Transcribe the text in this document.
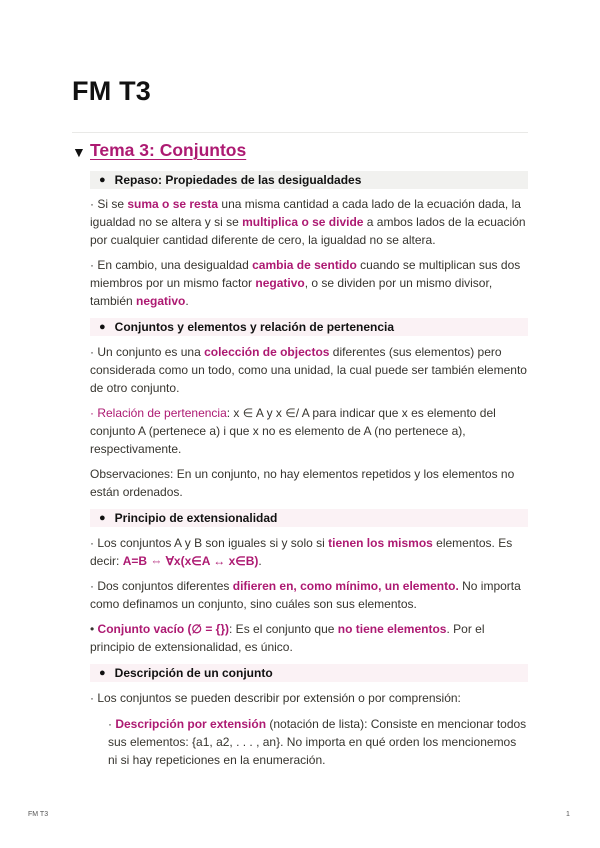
FM T3
▼ Tema 3: Conjuntos
● Repaso: Propiedades de las desigualdades

· Si se suma o se resta una misma cantidad a cada lado de la ecuación dada, la igualdad no se altera y si se multiplica o se divide a ambos lados de la ecuación por cualquier cantidad diferente de cero, la igualdad no se altera.

· En cambio, una desigualdad cambia de sentido cuando se multiplican sus dos miembros por un mismo factor negativo, o se dividen por un mismo divisor, también negativo.

● Conjuntos y elementos y relación de pertenencia

· Un conjunto es una colección de objectos diferentes (sus elementos) pero considerada como un todo, como una unidad, la cual puede ser también elemento de otro conjunto.

· Relación de pertenencia: x ∈ A y x ∈/ A para indicar que x es elemento del conjunto A (pertenece a) i que x no es elemento de A (no pertenece a), respectivamente.

Observaciones: En un conjunto, no hay elementos repetidos y los elementos no están ordenados.

● Principio de extensionalidad

· Los conjuntos A y B son iguales si y solo si tienen los mismos elementos. Es decir: A=B ⇔ ∀x(x∈A ↔ x∈B).

· Dos conjuntos diferentes difieren en, como mínimo, un elemento. No importa como definamos un conjunto, sino cuáles son sus elementos.

• Conjunto vacío (∅ = {}): Es el conjunto que no tiene elementos. Por el principio de extensionalidad, es único.

● Descripción de un conjunto

· Los conjuntos se pueden describir por extensión o por comprensión:

· Descripción por extensión (notación de lista): Consiste en mencionar todos sus elementos: {a1, a2, . . . , an}. No importa en qué orden los mencionemos ni si hay repeticiones en la enumeración.

FM T3	1
